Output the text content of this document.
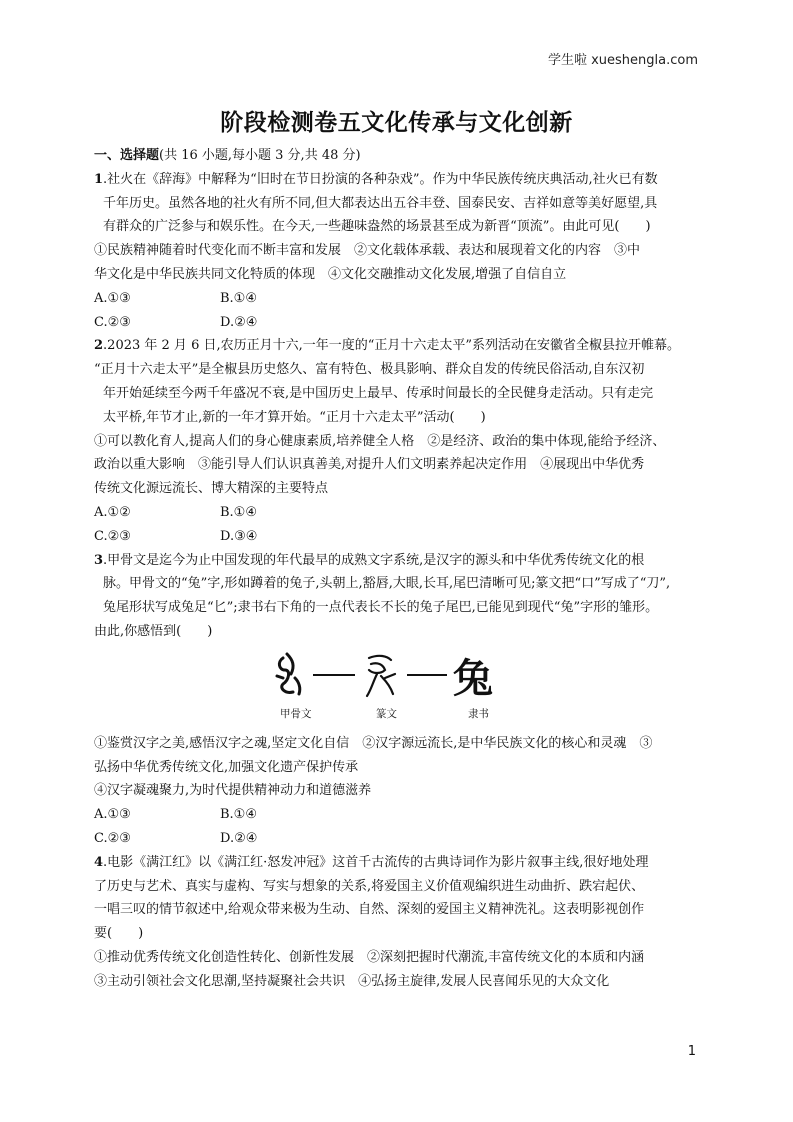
学生啦 xueshengla.com
阶段检测卷五文化传承与文化创新

一、选择题(共 16 小题,每小题 3 分,共 48 分)

1.社火在《辞海》中解释为“旧时在节日扮演的各种杂戏”。作为中华民族传统庆典活动,社火已有数

千年历史。虽然各地的社火有所不同,但大都表达出五谷丰登、国泰民安、吉祥如意等美好愿望,具

有群众的广泛参与和娱乐性。在今天,一些趣味盎然的场景甚至成为新晋“顶流”。由此可见(　　)

①民族精神随着时代变化而不断丰富和发展　②文化载体承载、表达和展现着文化的内容　③中

华文化是中华民族共同文化特质的体现　④文化交融推动文化发展,增强了自信自立

A.①③	B.①④
C.②③	D.②④

2.2023 年 2 月 6 日,农历正月十六,一年一度的“正月十六走太平”系列活动在安徽省全椒县拉开帷幕。

“正月十六走太平”是全椒县历史悠久、富有特色、极具影响、群众自发的传统民俗活动,自东汉初

年开始延续至今两千年盛况不衰,是中国历史上最早、传承时间最长的全民健身走活动。只有走完

太平桥,年节才止,新的一年才算开始。“正月十六走太平”活动(　　)

①可以教化育人,提高人们的身心健康素质,培养健全人格　②是经济、政治的集中体现,能给予经济、

政治以重大影响　③能引导人们认识真善美,对提升人们文明素养起决定作用　④展现出中华优秀

传统文化源远流长、博大精深的主要特点

A.①②	B.①④
C.②③	D.③④

3.甲骨文是迄今为止中国发现的年代最早的成熟文字系统,是汉字的源头和中华优秀传统文化的根

脉。甲骨文的“兔”字,形如蹲着的兔子,头朝上,豁唇,大眼,长耳,尾巴清晰可见;篆文把“口”写成了“刀”,

兔尾形状写成兔足“匕”;隶书右下角的一点代表长不长的兔子尾巴,已能见到现代“兔”字形的雏形。

由此,你感悟到(　　)

兔
甲骨文	篆文	隶书

①鉴赏汉字之美,感悟汉字之魂,坚定文化自信　②汉字源远流长,是中华民族文化的核心和灵魂　③

弘扬中华优秀传统文化,加强文化遗产保护传承

④汉字凝魂聚力,为时代提供精神动力和道德滋养

A.①③	B.①④
C.②③	D.②④

4.电影《满江红》以《满江红·怒发冲冠》这首千古流传的古典诗词作为影片叙事主线,很好地处理

了历史与艺术、真实与虚构、写实与想象的关系,将爱国主义价值观编织进生动曲折、跌宕起伏、

一唱三叹的情节叙述中,给观众带来极为生动、自然、深刻的爱国主义精神洗礼。这表明影视创作

要(　　)

①推动优秀传统文化创造性转化、创新性发展　②深刻把握时代潮流,丰富传统文化的本质和内涵

③主动引领社会文化思潮,坚持凝聚社会共识　④弘扬主旋律,发展人民喜闻乐见的大众文化

1
